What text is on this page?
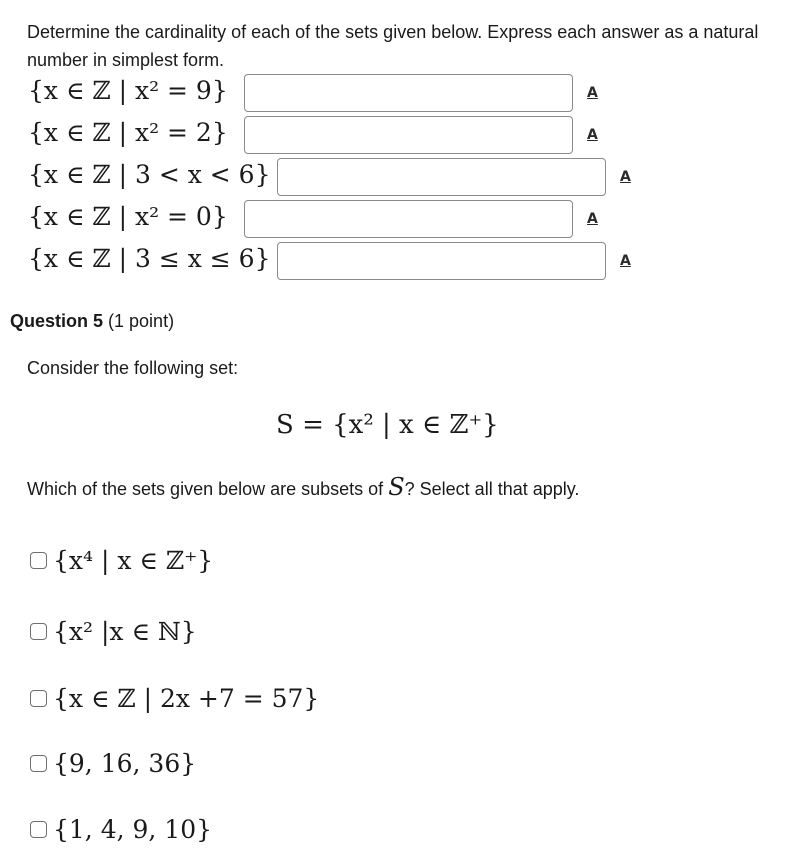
Determine the cardinality of each of the sets given below. Express each answer as a natural number in simplest form.
{x ∈ ℤ | x² = 9}	A
{x ∈ ℤ | x² = 2}	A
{x ∈ ℤ | 3 < x < 6}	A
{x ∈ ℤ | x² = 0}	A
{x ∈ ℤ | 3 ≤ x ≤ 6}	A
Question 5 (1 point)
Consider the following set:
S = {x² | x ∈ ℤ⁺}
Which of the sets given below are subsets of S? Select all that apply.
{x⁴ | x ∈ ℤ⁺}
{x² |x ∈ ℕ}
{x ∈ ℤ | 2x +7 = 57}
{9, 16, 36}
{1, 4, 9, 10}
